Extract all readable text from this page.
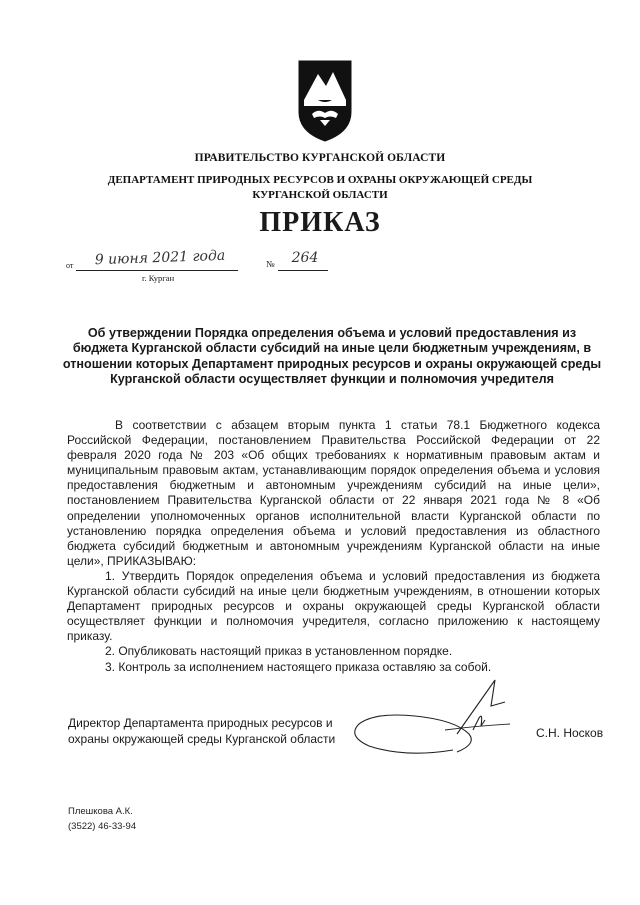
ПРАВИТЕЛЬСТВО КУРГАНСКОЙ ОБЛАСТИ
ДЕПАРТАМЕНТ ПРИРОДНЫХ РЕСУРСОВ И ОХРАНЫ ОКРУЖАЮЩЕЙ СРЕДЫ
КУРГАНСКОЙ ОБЛАСТИ
ПРИКАЗ
от	9 июня 2021 года	№	264
г. Курган
Об утверждении Порядка определения объема и условий предоставления из бюджета Курганской области субсидий на иные цели бюджетным учреждениям, в отношении которых Департамент природных ресурсов и охраны окружающей среды Курганской области осуществляет функции и полномочия учредителя

В соответствии с абзацем вторым пункта 1 статьи 78.1 Бюджетного кодекса Российской Федерации, постановлением Правительства Российской Федерации от 22 февраля 2020 года № 203 «Об общих требованиях к нормативным правовым актам и муниципальным правовым актам, устанавливающим порядок определения объема и условия предоставления бюджетным и автономным учреждениям субсидий на иные цели», постановлением Правительства Курганской области от 22 января 2021 года № 8 «Об определении уполномоченных органов исполнительной власти Курганской области по установлению порядка определения объема и условий предоставления из областного бюджета субсидий бюджетным и автономным учреждениям Курганской области на иные цели», ПРИКАЗЫВАЮ:

1. Утвердить Порядок определения объема и условий предоставления из бюджета Курганской области субсидий на иные цели бюджетным учреждениям, в отношении которых Департамент природных ресурсов и охраны окружающей среды Курганской области осуществляет функции и полномочия учредителя, согласно приложению к настоящему приказу.

2. Опубликовать настоящий приказ в установленном порядке.

3. Контроль за исполнением настоящего приказа оставляю за собой.

Директор Департамента природных ресурсов и
охраны окружающей среды Курганской области	С.Н. Носков
Плешкова А.К.
(3522) 46-33-94
